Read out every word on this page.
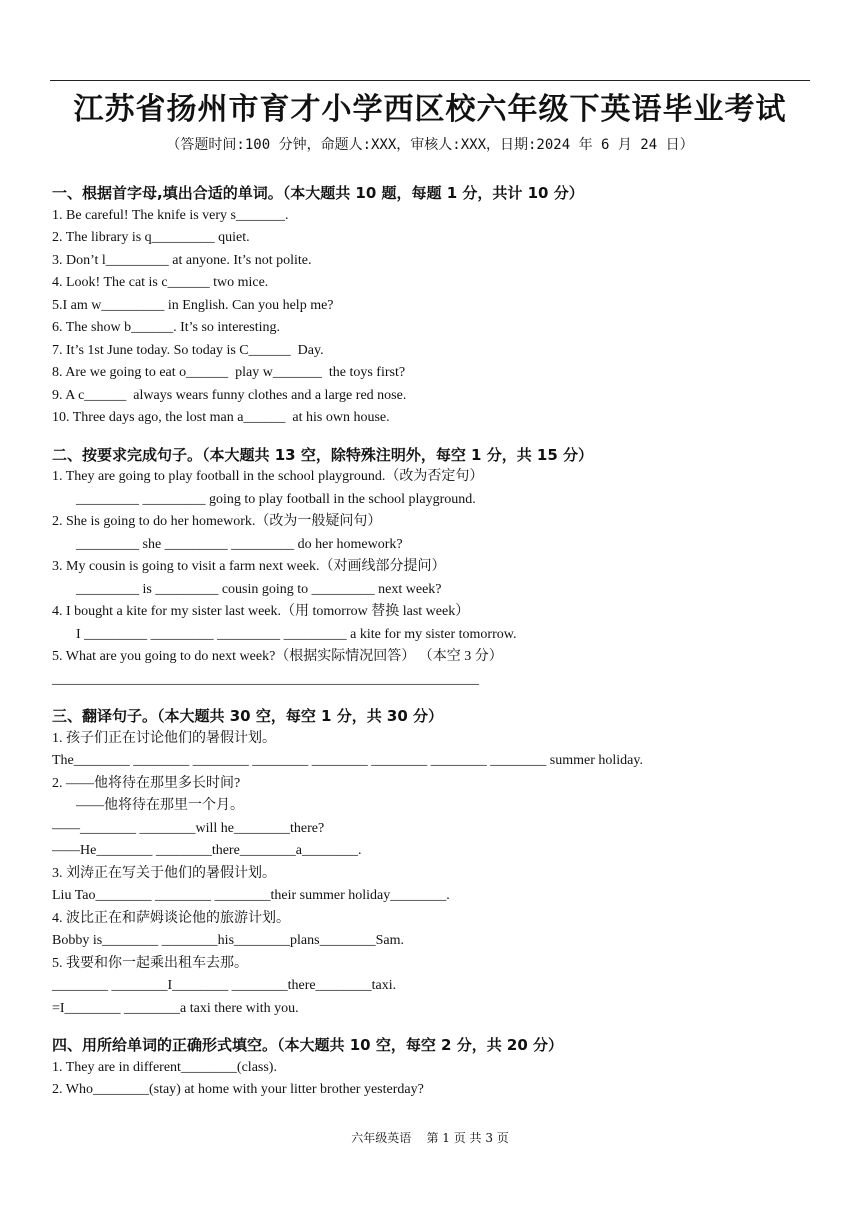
江苏省扬州市育才小学西区校六年级下英语毕业考试
（答题时间:100 分钟，命题人:XXX，审核人:XXX，日期:2024 年 6 月 24 日）
一、根据首字母,填出合适的单词。（本大题共 10 题，每题 1 分，共计 10 分）
1. Be careful! The knife is very s_______.
2. The library is q_________ quiet.
3. Don’t l_________ at anyone. It’s not polite.
4. Look! The cat is c______ two mice.
5.I am w_________ in English. Can you help me?
6. The show b______. It’s so interesting.
7. It’s 1st June today. So today is C______  Day.
8. Are we going to eat o______  play w_______  the toys first?
9. A c______  always wears funny clothes and a large red nose.
10. Three days ago, the lost man a______  at his own house.
二、按要求完成句子。（本大题共 13 空，除特殊注明外，每空 1 分，共 15 分）
1. They are going to play football in the school playground.（改为否定句）
_________ _________ going to play football in the school playground.
2. She is going to do her homework.（改为一般疑问句）
_________ she _________ _________ do her homework?
3. My cousin is going to visit a farm next week.（对画线部分提问）
_________ is _________ cousin going to _________ next week?
4. I bought a kite for my sister last week.（用 tomorrow 替换 last week）
I _________ _________ _________ _________ a kite for my sister tomorrow.
5. What are you going to do next week?（根据实际情况回答） （本空 3 分）
_____________________________________________________________
三、翻译句子。（本大题共 30 空，每空 1 分，共 30 分）
1. 孩子们正在讨论他们的暑假计划。
The________ ________ ________ ________ ________ ________ ________ ________ summer holiday.
2. ——他将待在那里多长时间?
——他将待在那里一个月。
——________ ________will he________there?
——He________ ________there________a________.
3. 刘涛正在写关于他们的暑假计划。
Liu Tao________ ________ ________their summer holiday________.
4. 波比正在和萨姆谈论他的旅游计划。
Bobby is________ ________his________plans________Sam.
5. 我要和你一起乘出租车去那。
________ ________I________ ________there________taxi.
=I________ ________a taxi there with you.
四、用所给单词的正确形式填空。（本大题共 10 空，每空 2 分，共 20 分）
1. They are in different________(class).
2. Who________(stay) at home with your litter brother yesterday?
六年级英语    第 1 页 共 3 页
